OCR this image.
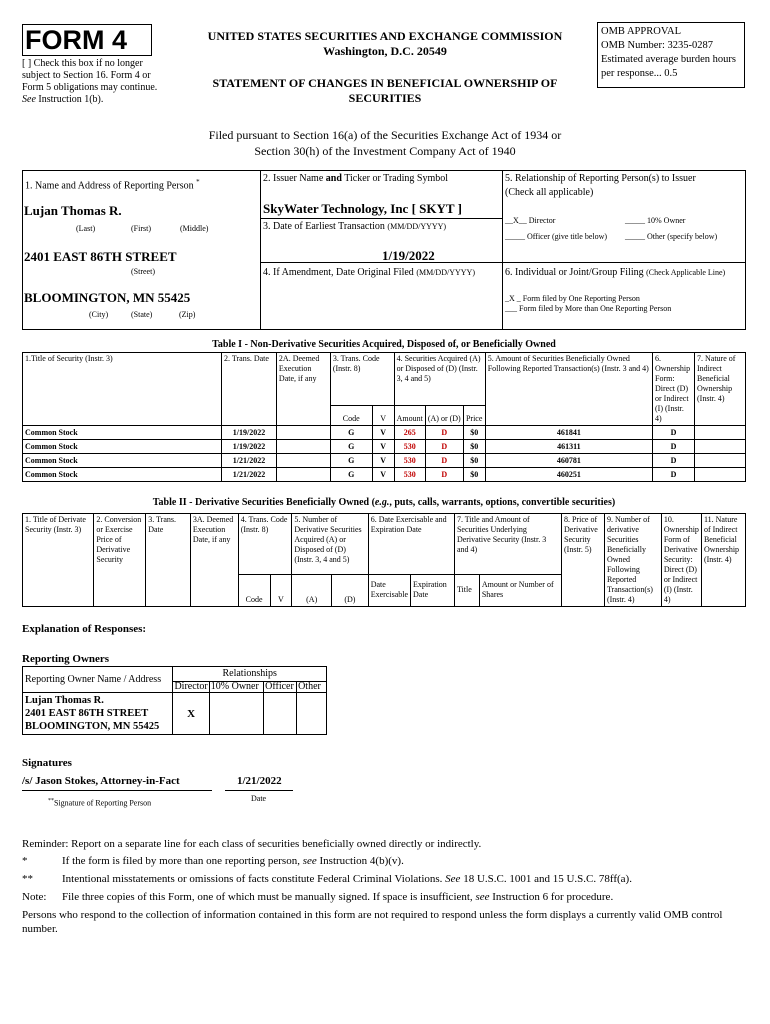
FORM 4
[ ] Check this box if no longer subject to Section 16. Form 4 or Form 5 obligations may continue. See Instruction 1(b).
UNITED STATES SECURITIES AND EXCHANGE COMMISSION
Washington, D.C. 20549
STATEMENT OF CHANGES IN BENEFICIAL OWNERSHIP OF SECURITIES
OMB APPROVAL
OMB Number: 3235-0287
Estimated average burden hours per response... 0.5
Filed pursuant to Section 16(a) of the Securities Exchange Act of 1934 or
Section 30(h) of the Investment Company Act of 1940
1. Name and Address of Reporting Person *
Lujan Thomas R.
(Last)	(First)	(Middle)
2401 EAST 86TH STREET
(Street)
BLOOMINGTON, MN 55425
(City)	(State)	(Zip)
2. Issuer Name and Ticker or Trading Symbol
SkyWater Technology, Inc [ SKYT ]
3. Date of Earliest Transaction (MM/DD/YYYY)
1/19/2022
4. If Amendment, Date Original Filed (MM/DD/YYYY)
5. Relationship of Reporting Person(s) to Issuer
(Check all applicable)
__X__ Director	_____ 10% Owner
_____ Officer (give title below) _____ Other (specify below)
6. Individual or Joint/Group Filing (Check Applicable Line)
_X _ Form filed by One Reporting Person
___ Form filed by More than One Reporting Person
Table I - Non-Derivative Securities Acquired, Disposed of, or Beneficially Owned
1.Title of Security (Instr. 3)	2. Trans. Date	2A. Deemed Execution Date, if any	3. Trans. Code (Instr. 8)		4. Securities Acquired (A) or Disposed of (D) (Instr. 3, 4 and 5)			5. Amount of Securities Beneficially Owned Following Reported Transaction(s) (Instr. 3 and 4)	6. Ownership Form: Direct (D) or Indirect (I) (Instr. 4)	7. Nature of Indirect Beneficial Ownership (Instr. 4)
			Code	V	Amount	(A) or (D)	Price			
Common Stock	1/19/2022		G	V	265	D	$0	461841	D	
Common Stock	1/19/2022		G	V	530	D	$0	461311	D	
Common Stock	1/21/2022		G	V	530	D	$0	460781	D	
Common Stock	1/21/2022		G	V	530	D	$0	460251	D	
Table II - Derivative Securities Beneficially Owned (e.g., puts, calls, warrants, options, convertible securities)
1. Title of Derivate Security (Instr. 3)	2. Conversion or Exercise Price of Derivative Security	3. Trans. Date	3A. Deemed Execution Date, if any	4. Trans. Code (Instr. 8)		5. Number of Derivative Securities Acquired (A) or Disposed of (D) (Instr. 3, 4 and 5)		6. Date Exercisable and Expiration Date		7. Title and Amount of Securities Underlying Derivative Security (Instr. 3 and 4)		8. Price of Derivative Security (Instr. 5)	9. Number of derivative Securities Beneficially Owned Following Reported Transaction(s) (Instr. 4)	10. Ownership Form of Derivative Security: Direct (D) or Indirect (I) (Instr. 4)	11. Nature of Indirect Beneficial Ownership (Instr. 4)
				Code	V	(A)	(D)	Date Exercisable	Expiration Date	Title	Amount or Number of Shares				
Explanation of Responses:
Reporting Owners
Reporting Owner Name / Address	Relationships			
	Director	10% Owner	Officer	Other

Lujan Thomas R.
2401 EAST 86TH STREET
BLOOMINGTON, MN 55425	X			
Signatures
/s/ Jason Stokes, Attorney-in-Fact	1/21/2022
**Signature of Reporting Person
Date
Reminder: Report on a separate line for each class of securities beneficially owned directly or indirectly.
*	If the form is filed by more than one reporting person, see Instruction 4(b)(v).
**	Intentional misstatements or omissions of facts constitute Federal Criminal Violations. See 18 U.S.C. 1001 and 15 U.S.C. 78ff(a).
Note: File three copies of this Form, one of which must be manually signed. If space is insufficient, see Instruction 6 for procedure.
Persons who respond to the collection of information contained in this form are not required to respond unless the form displays a currently valid OMB control number.
